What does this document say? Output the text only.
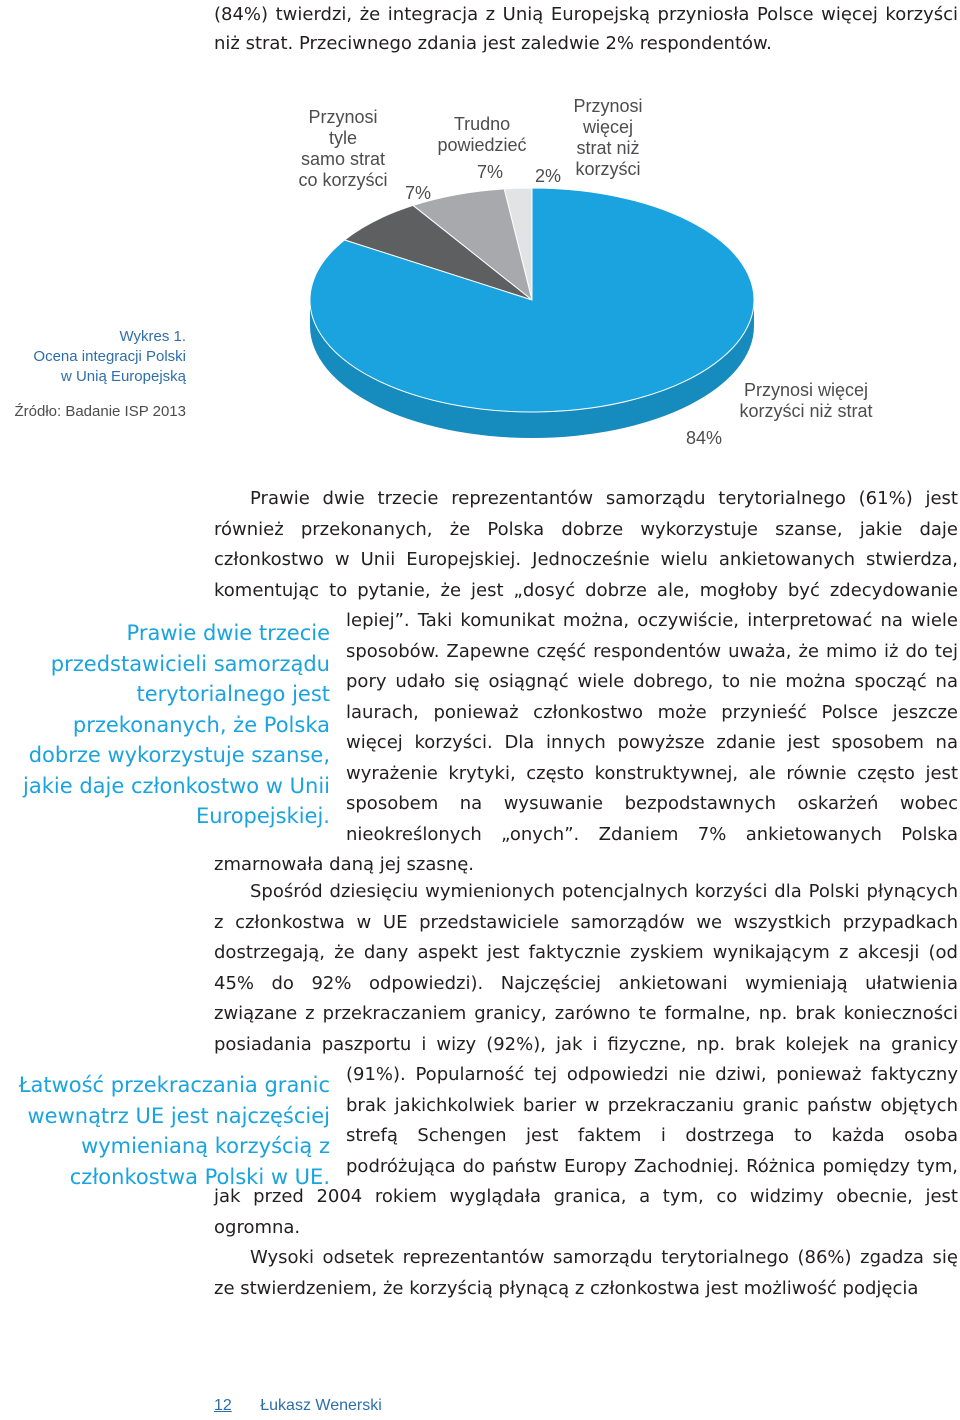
(84%) twierdzi, że integracja z Unią Europejską przyniosła Polsce więcej korzyści niż strat. Przeciwnego zdania jest zaledwie 2% respondentów.
Wykres 1.
Ocena integracji Polski
w Unią Europejską
Źródło: Badanie ISP 2013
Przynosi
tyle
samo strat
co korzyści
7%
Trudno
powiedzieć
7%
Przynosi
więcej
strat niż
korzyści
2%
Przynosi więcej
korzyści niż strat
84%

Prawie dwie trzecie reprezentantów samorządu terytorialnego (61%) jest również przekonanych, że Polska dobrze wykorzystuje szanse, jakie daje członkostwo w Unii Europejskiej. Jednocześnie wielu ankietowanych stwierdza, komentując to pytanie, że jest „dosyć dobrze ale, mogłoby być zdecydowanie lepiej”. Taki komunikat można, oczywiście, interpretować na wiele sposobów. Zapewne część respondentów uważa, że mimo iż do tej pory udało się osiągnąć wiele dobrego, to nie można spocząć na laurach, ponieważ członkostwo może przynieść Polsce jeszcze więcej korzyści. Dla innych powyższe zdanie jest sposobem na wyrażenie krytyki, często konstruktywnej, ale równie często jest sposobem na wysuwanie bezpodstawnych oskarżeń wobec nieokreślonych „onych”. Zdaniem 7% ankietowanych Polska zmarnowała daną jej szasnę.

Prawie dwie trzecie przedstawicieli samorządu terytorialnego jest przekonanych, że Polska dobrze wykorzystuje szanse, jakie daje członkostwo w Unii Europejskiej.
Łatwość przekraczania granic wewnątrz UE jest najczęściej wymienianą korzyścią z członkostwa Polski w UE.

Spośród dziesięciu wymienionych potencjalnych korzyści dla Polski płynących z członkostwa w UE przedstawiciele samorządów we wszystkich przypadkach dostrzegają, że dany aspekt jest faktycznie zyskiem wynikającym z akcesji (od 45% do 92% odpowiedzi). Najczęściej ankietowani wymieniają ułatwienia związane z przekraczaniem granicy, zarówno te formalne, np. brak konieczności posiadania paszportu i wizy (92%), jak i fizyczne, np. brak kolejek na granicy (91%). Popularność tej odpowiedzi nie dziwi, ponieważ faktyczny brak jakichkolwiek barier w przekraczaniu granic państw objętych strefą Schengen jest faktem i dostrzega to każda osoba podróżująca do państw Europy Zachodniej. Różnica pomiędzy tym, jak przed 2004 rokiem wyglądała granica, a tym, co widzimy obecnie, jest ogromna.

Wysoki odsetek reprezentantów samorządu terytorialnego (86%) zgadza się ze stwierdzeniem, że korzyścią płynącą z członkostwa jest możliwość podjęcia

12 Łukasz Wenerski
